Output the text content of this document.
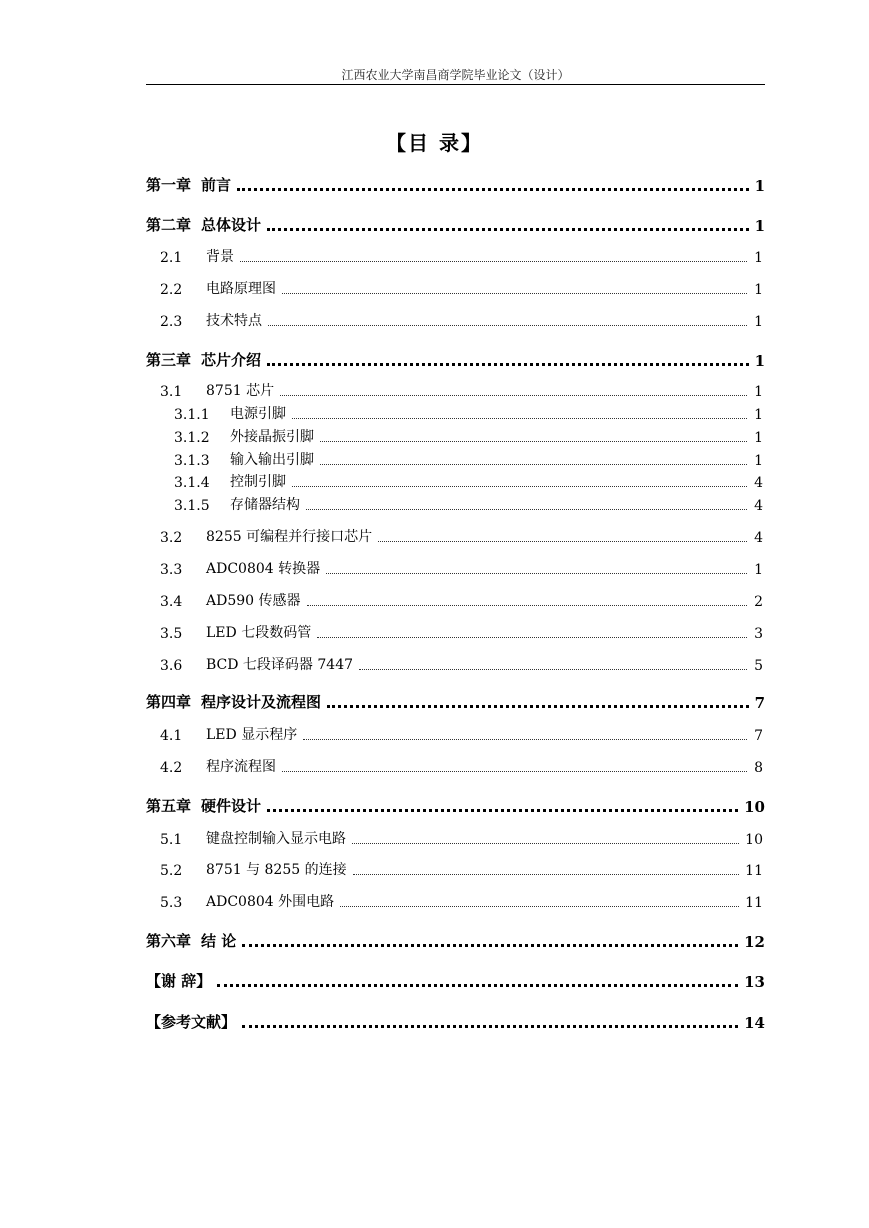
江西农业大学南昌商学院毕业论文（设计）
【目 录】
第一章 前言	1
第二章 总体设计	1
2.1	背景	1
2.2	电路原理图	1
2.3	技术特点	1
第三章 芯片介绍	1
3.1	8751 芯片	1
3.1.1	电源引脚	1
3.1.2	外接晶振引脚	1
3.1.3	输入输出引脚	1
3.1.4	控制引脚	4
3.1.5	存储器结构	4
3.2	8255 可编程并行接口芯片	4
3.3	ADC0804 转换器	1
3.4	AD590 传感器	2
3.5	LED 七段数码管	3
3.6	BCD 七段译码器 7447	5
第四章 程序设计及流程图	7
4.1	LED 显示程序	7
4.2	程序流程图	8
第五章 硬件设计	10
5.1	键盘控制输入显示电路	10
5.2	8751 与 8255 的连接	11
5.3	ADC0804 外围电路	11
第六章 结 论	12
【谢 辞】	13
【参考文献】	14
